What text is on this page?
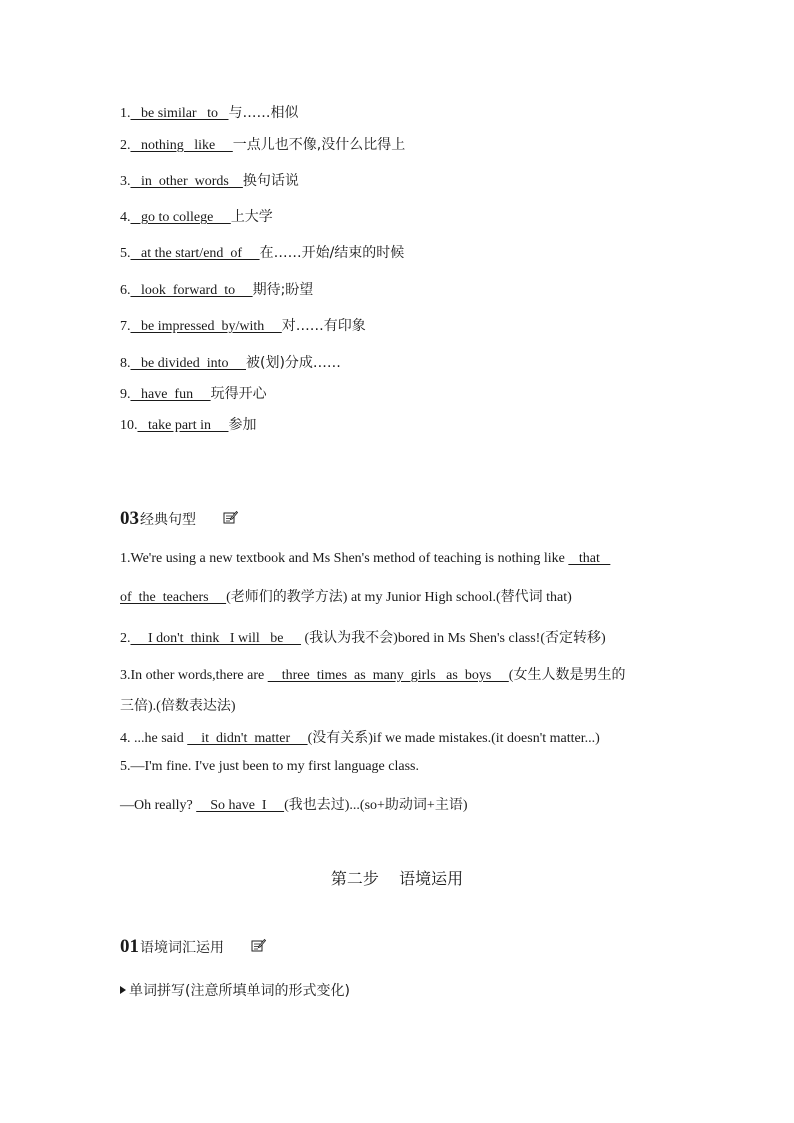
1.   be similar   to   与……相似
2.   nothing   like     一点儿也不像,没什么比得上
3.   in  other  words    换句话说
4.   go to college     上大学
5.   at the start/end  of     在……开始/结束的时候
6.   look  forward  to     期待;盼望
7.   be impressed  by/with     对……有印象
8.   be divided  into     被(划)分成……
9.   have  fun     玩得开心
10.   take part in     参加
03经典句型
1.We're using a new textbook and Ms Shen's method of teaching is nothing like    that
of  the  teachers     (老师们的教学方法) at my Junior High school.(替代词 that)
2.     I don't  think   I will   be      (我认为我不会)bored in Ms Shen's class!(否定转移)
3.In other words,there are     three  times  as  many  girls   as  boys     (女生人数是男生的
三倍).(倍数表达法)
4. ...he said     it  didn't  matter     (没有关系)if we made mistakes.(it doesn't matter...)
5.—I'm fine. I've just been to my first language class.
—Oh really?     So have  I     (我也去过)...(so+助动词+主语)
第二步    语境运用
01语境词汇运用
单词拼写(注意所填单词的形式变化)
